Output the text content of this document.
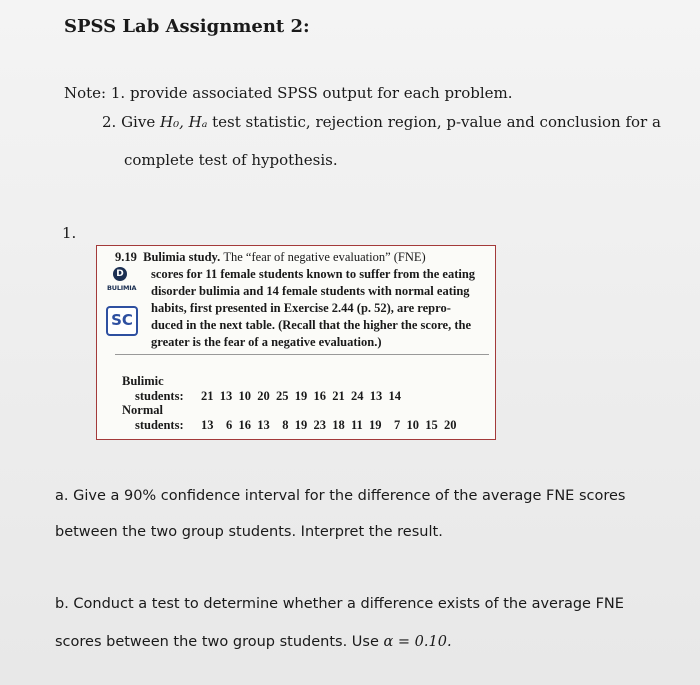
SPSS Lab Assignment 2:
Note: 1. provide associated SPSS output for each problem.
2. Give H₀, Hₐ test statistic, rejection region, p-value and conclusion for a
complete test of hypothesis.
1.
9.19 Bulimia study. The “fear of negative evaluation” (FNE)
D
BULIMIA
SC
scores for 11 female students known to suffer from the eating
disorder bulimia and 14 female students with normal eating
habits, first presented in Exercise 2.44 (p. 52), are repro-
duced in the next table. (Recall that the higher the score, the
greater is the fear of a negative evaluation.)
Bulimic
students: 21  13  10  20  25  19  16  21  24  13  14
Normal
students: 13    6  16  13    8  19  23  18  11  19    7  10  15  20
a. Give a 90% confidence interval for the difference of the average FNE scores
between the two group students. Interpret the result.
b. Conduct a test to determine whether a difference exists of the average FNE
scores between the two group students. Use α = 0.10.
